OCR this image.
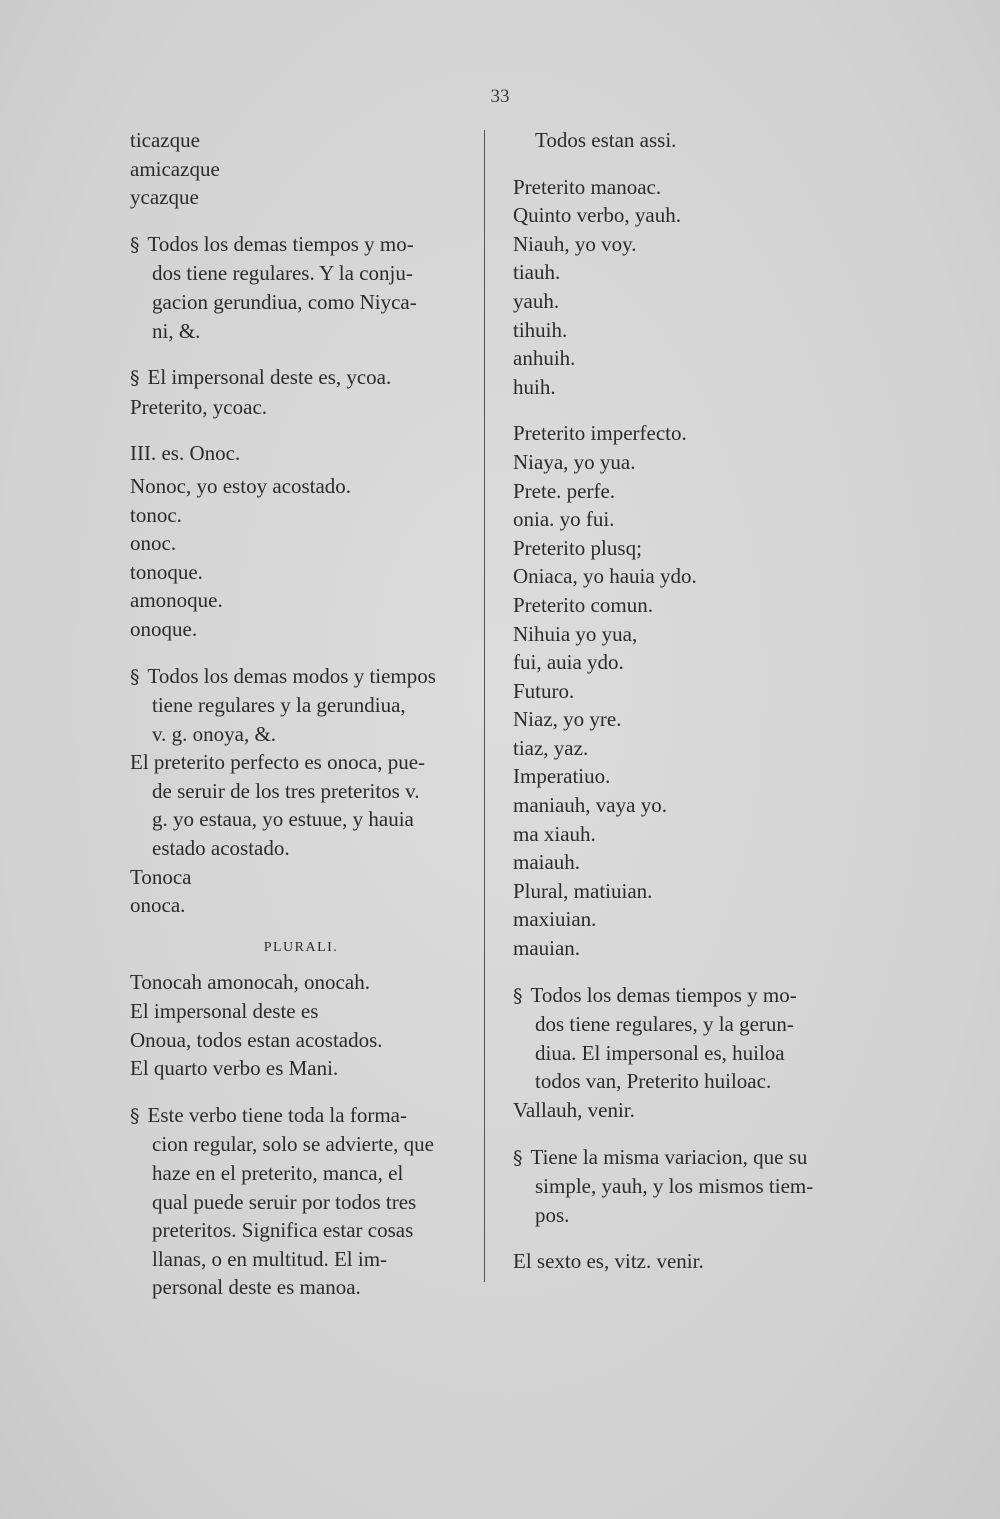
33
ticazque
amicazque
ycazque
§ Todos los demas tiempos y mo-
dos tiene regulares. Y la conju-
gacion gerundiua, como Niyca-
ni, &.
§ El impersonal deste es, ycoa.
Preterito, ycoac.
III. es. Onoc.
Nonoc, yo estoy acostado.
tonoc.
onoc.
tonoque.
amonoque.
onoque.
§ Todos los demas modos y tiempos
tiene regulares y la gerundiua,
v. g. onoya, &.
El preterito perfecto es onoca, pue-
de seruir de los tres preteritos v.
g. yo estaua, yo estuue, y hauia
estado acostado.
Tonoca
onoca.
PLURALI.
Tonocah amonocah, onocah.
El impersonal deste es
Onoua, todos estan acostados.
El quarto verbo es Mani.
§ Este verbo tiene toda la forma-
cion regular, solo se advierte, que
haze en el preterito, manca, el
qual puede seruir por todos tres
preteritos. Significa estar cosas
llanas, o en multitud. El im-
personal deste es manoa.
Todos estan assi.
Preterito manoac.
Quinto verbo, yauh.
Niauh, yo voy.
tiauh.
yauh.
tihuih.
anhuih.
huih.
Preterito imperfecto.
Niaya, yo yua.
Prete. perfe.
onia. yo fui.
Preterito plusq;
Oniaca, yo hauia ydo.
Preterito comun.
Nihuia yo yua,
fui, auia ydo.
Futuro.
Niaz, yo yre.
tiaz, yaz.
Imperatiuo.
maniauh, vaya yo.
ma xiauh.
maiauh.
Plural, matiuian.
maxiuian.
mauian.
§ Todos los demas tiempos y mo-
dos tiene regulares, y la gerun-
diua. El impersonal es, huiloa
todos van, Preterito huiloac.
Vallauh, venir.
§ Tiene la misma variacion, que su
simple, yauh, y los mismos tiem-
pos.
El sexto es, vitz. venir.
